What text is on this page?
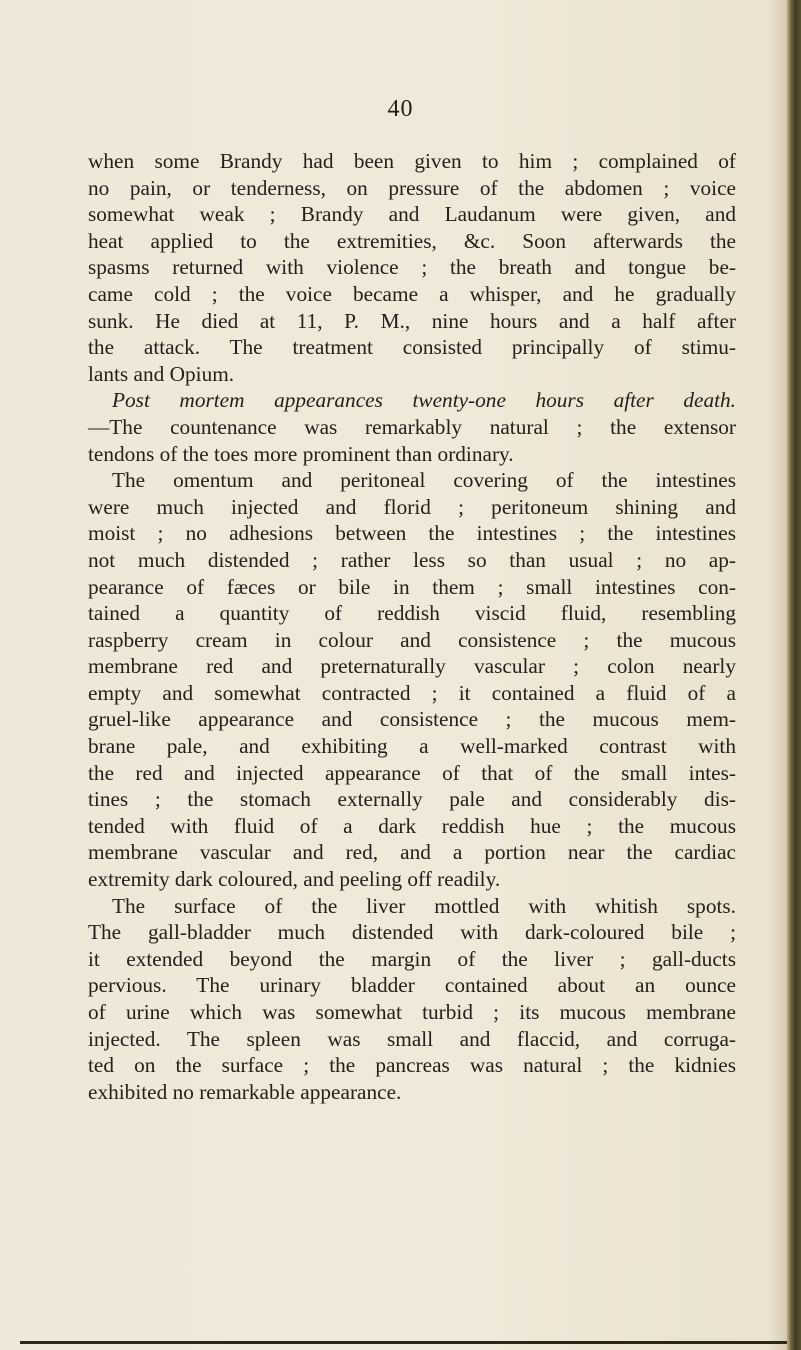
40
when some Brandy had been given to him ; complained of
no pain, or tenderness, on pressure of the abdomen ; voice
somewhat weak ; Brandy and Laudanum were given, and
heat applied to the extremities, &c. Soon afterwards the
spasms returned with violence ; the breath and tongue be-
came cold ; the voice became a whisper, and he gradually
sunk. He died at 11, P. M., nine hours and a half after
the attack. The treatment consisted principally of stimu-
lants and Opium.
Post mortem appearances twenty-one hours after death.
—The countenance was remarkably natural ; the extensor
tendons of the toes more prominent than ordinary.
The omentum and peritoneal covering of the intestines
were much injected and florid ; peritoneum shining and
moist ; no adhesions between the intestines ; the intestines
not much distended ; rather less so than usual ; no ap-
pearance of fæces or bile in them ; small intestines con-
tained a quantity of reddish viscid fluid, resembling
raspberry cream in colour and consistence ; the mucous
membrane red and preternaturally vascular ; colon nearly
empty and somewhat contracted ; it contained a fluid of a
gruel-like appearance and consistence ; the mucous mem-
brane pale, and exhibiting a well-marked contrast with
the red and injected appearance of that of the small intes-
tines ; the stomach externally pale and considerably dis-
tended with fluid of a dark reddish hue ; the mucous
membrane vascular and red, and a portion near the cardiac
extremity dark coloured, and peeling off readily.
The surface of the liver mottled with whitish spots.
The gall-bladder much distended with dark-coloured bile ;
it extended beyond the margin of the liver ; gall-ducts
pervious. The urinary bladder contained about an ounce
of urine which was somewhat turbid ; its mucous membrane
injected. The spleen was small and flaccid, and corruga-
ted on the surface ; the pancreas was natural ; the kidnies
exhibited no remarkable appearance.
